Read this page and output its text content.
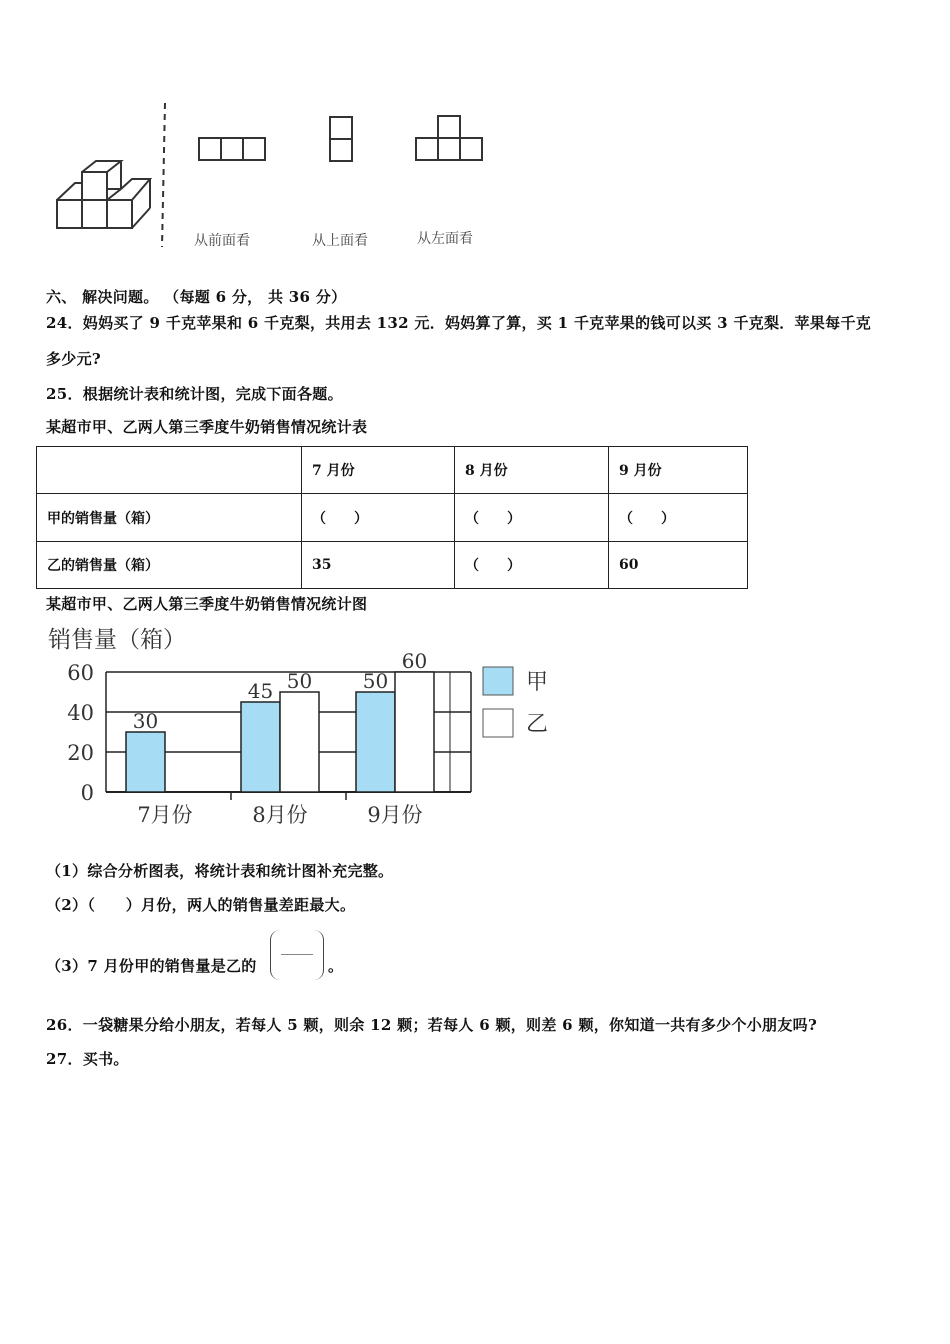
从前面看	从上面看	从左面看
六、 解决问题。 （每题 6 分， 共 36 分）
24．妈妈买了 9 千克苹果和 6 千克梨，共用去 132 元．妈妈算了算，买 1 千克苹果的钱可以买 3 千克梨．苹果每千克
多少元?
25．根据统计表和统计图，完成下面各题。
某超市甲、乙两人第三季度牛奶销售情况统计表
	7 月份	8 月份	9 月份
甲的销售量（箱）	（　　）	（　　）	（　　）
乙的销售量（箱）	35	（　　）	60
某超市甲、乙两人第三季度牛奶销售情况统计图
销售量（箱）
30
45 50	50
60
0
20
40
60
7月份	8月份	9月份
甲
乙
（1）综合分析图表，将统计表和统计图补充完整。
（2）（　　）月份，两人的销售量差距最大。
（3）7 月份甲的销售量是乙的	。
26．一袋糖果分给小朋友，若每人 5 颗，则余 12 颗；若每人 6 颗，则差 6 颗，你知道一共有多少个小朋友吗?
27．买书。
